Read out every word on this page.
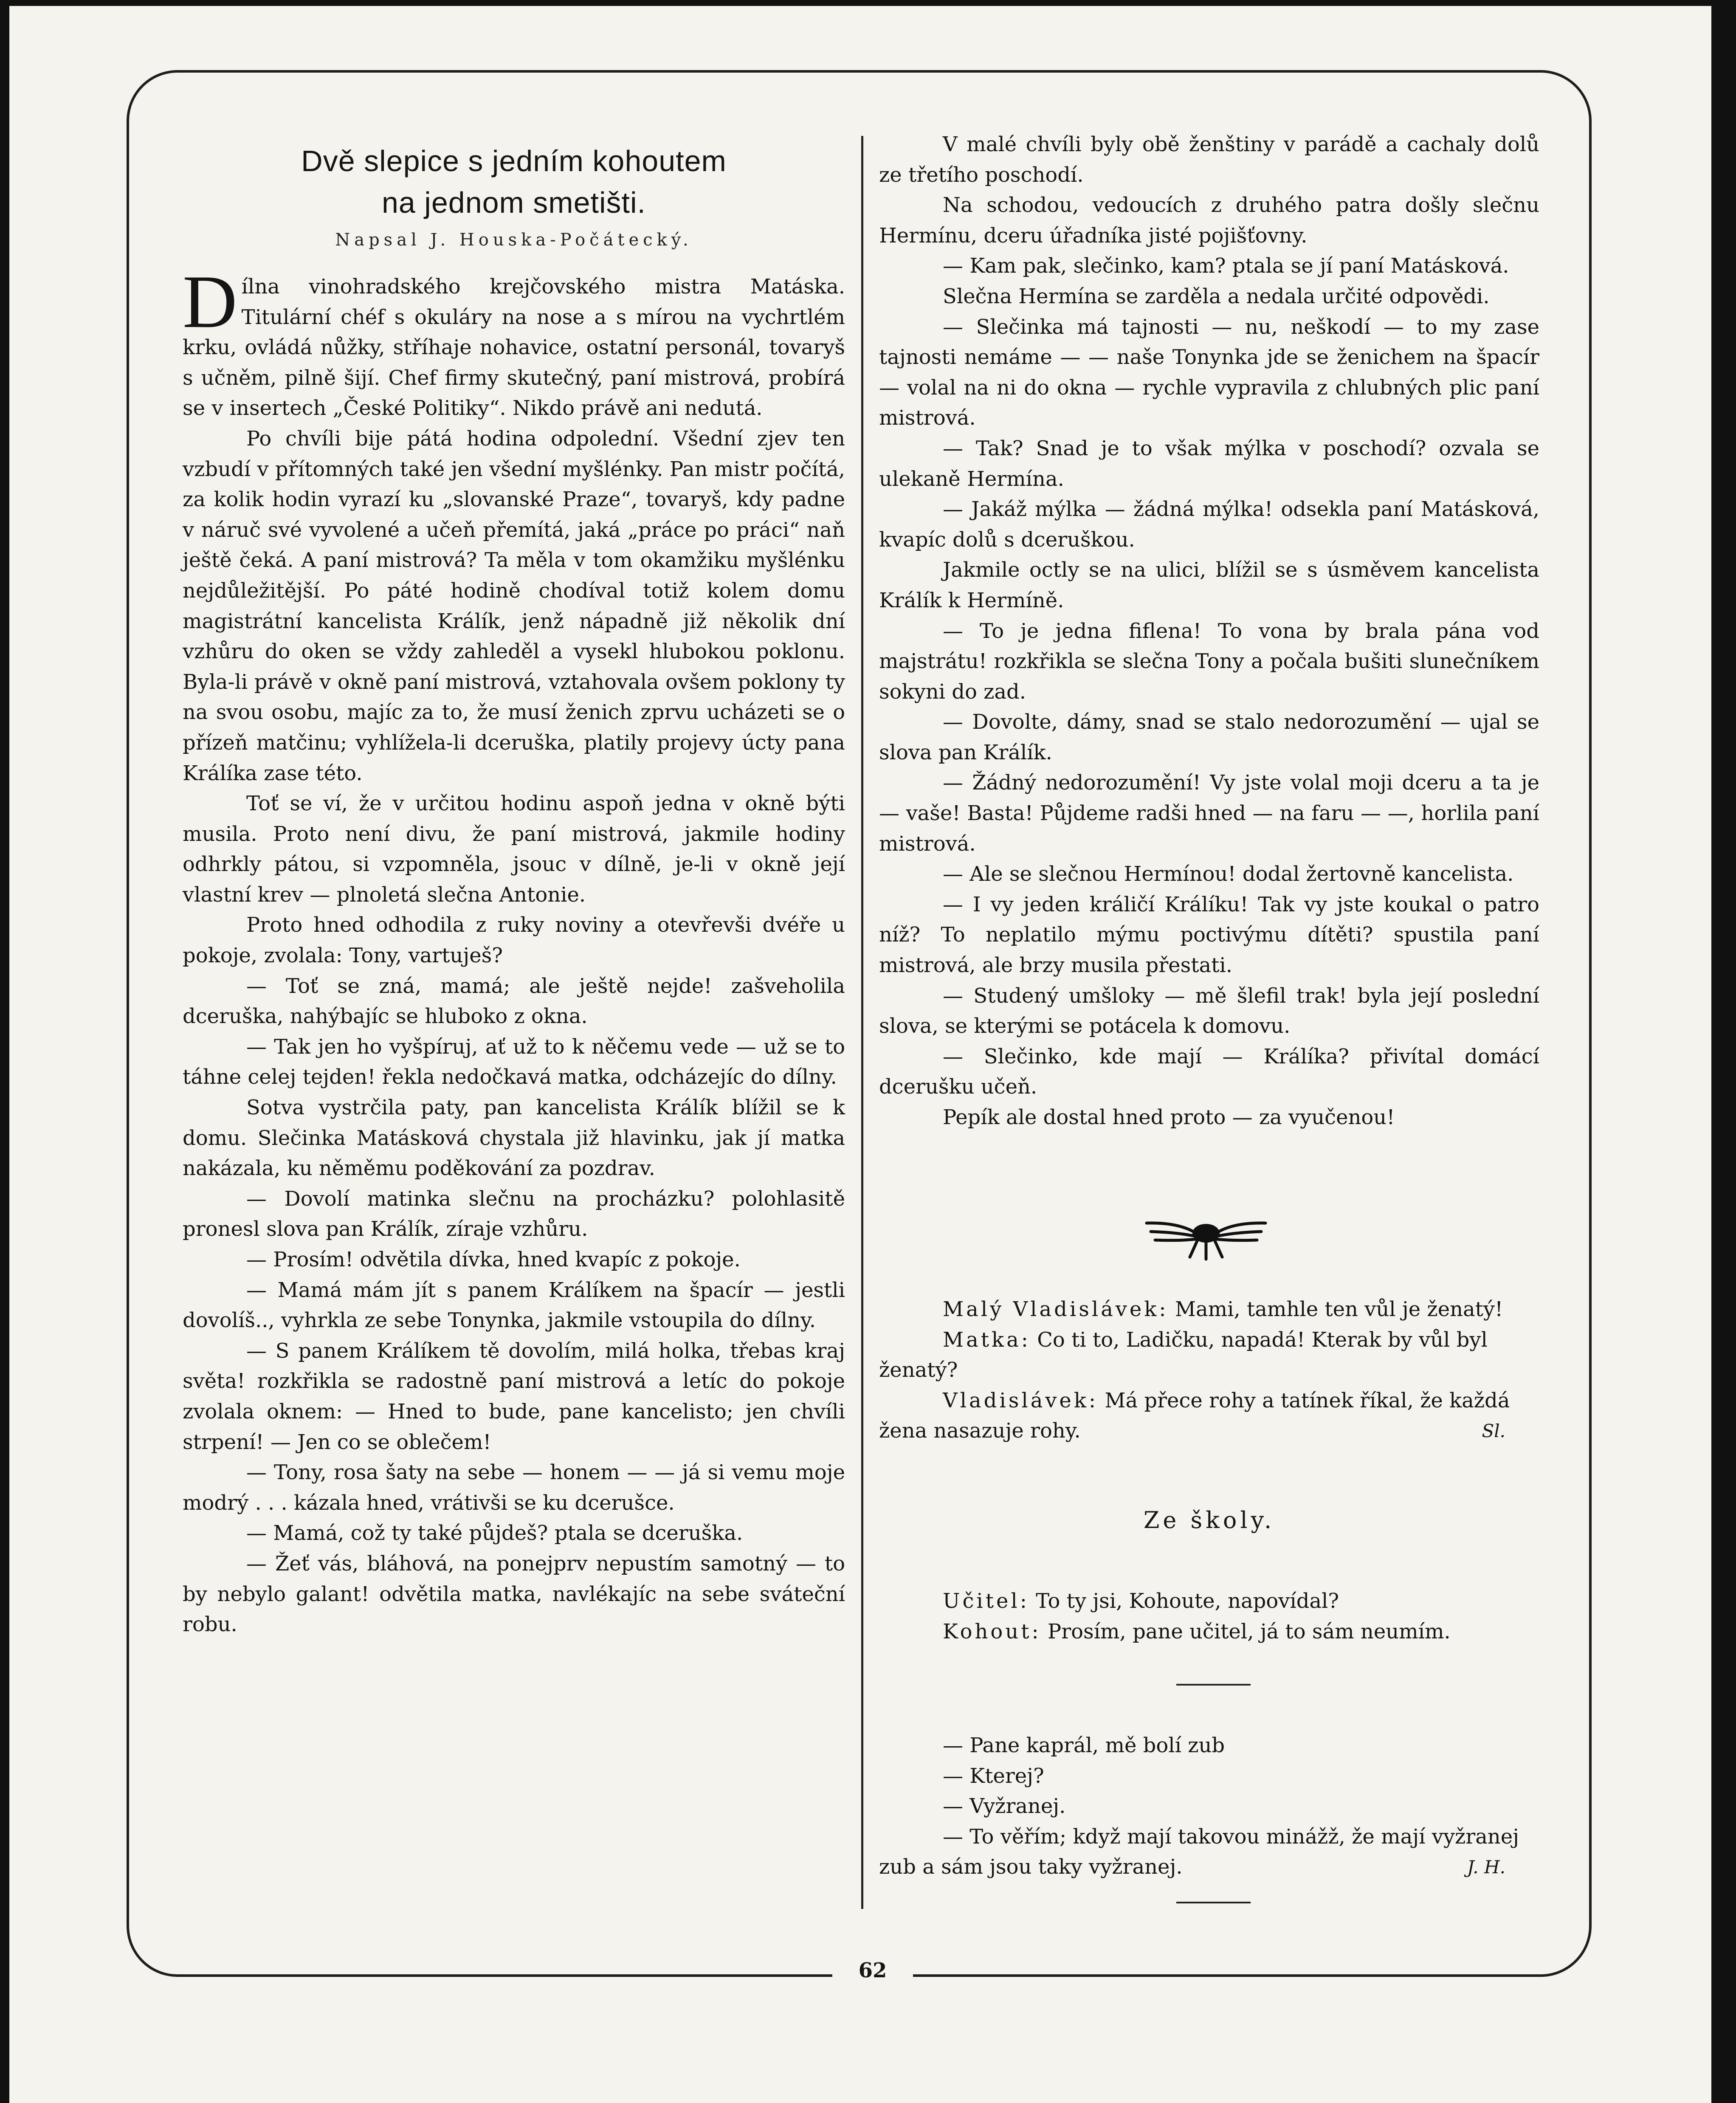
62

Dvě slepice s jedním kohoutem
na jednom smetišti.

Napsal J. Houska-Počátecký.

Dílna vinohradského krejčovského mistra Matáska. Titulární chéf s okuláry na nose a s mírou na vychrtlém krku, ovládá nůžky, stříhaje nohavice, ostatní personál, tovaryš s učněm, pilně šijí. Chef firmy skutečný, paní mistrová, probírá se v insertech „České Politiky“. Nikdo právě ani nedutá.

Po chvíli bije pátá hodina odpolední. Všední zjev ten vzbudí v přítomných také jen všední myšlénky. Pan mistr počítá, za kolik hodin vyrazí ku „slovanské Praze“, tovaryš, kdy padne v náruč své vyvolené a učeň přemítá, jaká „práce po práci“ naň ještě čeká. A paní mistrová? Ta měla v tom okamžiku myšlénku nejdůležitější. Po páté hodině chodíval totiž kolem domu magistrátní kancelista Králík, jenž nápadně již několik dní vzhůru do oken se vždy zahleděl a vysekl hlubokou poklonu. Byla-li právě v okně paní mistrová, vztahovala ovšem poklony ty na svou osobu, majíc za to, že musí ženich zprvu ucházeti se o přízeň matčinu; vyhlížela-li dceruška, platily projevy úcty pana Králíka zase této.

Toť se ví, že v určitou hodinu aspoň jedna v okně býti musila. Proto není divu, že paní mistrová, jakmile hodiny odhrkly pátou, si vzpomněla, jsouc v dílně, je-li v okně její vlastní krev — plnoletá slečna Antonie.

Proto hned odhodila z ruky noviny a otevřevši dvéře u pokoje, zvolala: Tony, vartuješ?

— Toť se zná, mamá; ale ještě nejde! zašveholila dceruška, nahýbajíc se hluboko z okna.

— Tak jen ho vyšpíruj, ať už to k něčemu vede — už se to táhne celej tejden! řekla nedočkavá matka, odcházejíc do dílny.

Sotva vystrčila paty, pan kancelista Králík blížil se k domu. Slečinka Matásková chystala již hlavinku, jak jí matka nakázala, ku něměmu poděkování za pozdrav.

— Dovolí matinka slečnu na procházku? polohlasitě pronesl slova pan Králík, zíraje vzhůru.

— Prosím! odvětila dívka, hned kvapíc z pokoje.

— Mamá mám jít s panem Králíkem na špacír — jestli dovolíš.., vyhrkla ze sebe Tonynka, jakmile vstoupila do dílny.

— S panem Králíkem tě dovolím, milá holka, třebas kraj světa! rozkřikla se radostně paní mistrová a letíc do pokoje zvolala oknem: — Hned to bude, pane kancelisto; jen chvíli strpení! — Jen co se oblečem!

— Tony, rosa šaty na sebe — honem — — já si vemu moje modrý . . . kázala hned, vrátivši se ku dcerušce.

— Mamá, což ty také půjdeš? ptala se dceruška.

— Žeť vás, bláhová, na ponejprv nepustím samotný — to by nebylo galant! odvětila matka, navlékajíc na sebe sváteční robu.

V malé chvíli byly obě ženštiny v parádě a cachaly dolů ze třetího poschodí.

Na schodou, vedoucích z druhého patra došly slečnu Hermínu, dceru úřadníka jisté pojišťovny.

— Kam pak, slečinko, kam? ptala se jí paní Matásková.

Slečna Hermína se zarděla a nedala určité odpovědi.

— Slečinka má tajnosti — nu, neškodí — to my zase tajnosti nemáme — — naše Tonynka jde se ženichem na špacír — volal na ni do okna — rychle vypravila z chlubných plic paní mistrová.

— Tak? Snad je to však mýlka v poschodí? ozvala se ulekaně Hermína.

— Jakáž mýlka — žádná mýlka! odsekla paní Matásková, kvapíc dolů s dceruškou.

Jakmile octly se na ulici, blížil se s úsměvem kancelista Králík k Hermíně.

— To je jedna fiflena! To vona by brala pána vod majstrátu! rozkřikla se slečna Tony a počala bušiti slunečníkem sokyni do zad.

— Dovolte, dámy, snad se stalo nedorozumění — ujal se slova pan Králík.

— Žádný nedorozumění! Vy jste volal moji dceru a ta je — vaše! Basta! Půjdeme radši hned — na faru — —, horlila paní mistrová.

— Ale se slečnou Hermínou! dodal žertovně kancelista.

— I vy jeden králičí Králíku! Tak vy jste koukal o patro níž? To neplatilo mýmu poctivýmu dítěti? spustila paní mistrová, ale brzy musila přestati.

— Studený umšloky — mě šlefil trak! byla její poslední slova, se kterými se potácela k domovu.

— Slečinko, kde mají — Králíka? přivítal domácí dcerušku učeň.

Pepík ale dostal hned proto — za vyučenou!

Malý Vladislávek: Mami, tamhle ten vůl je ženatý!

Matka: Co ti to, Ladičku, napadá! Kterak by vůl byl ženatý?

Vladislávek: Má přece rohy a tatínek říkal, že každá žena nasazuje rohy.	Sl.

Ze školy.

Učitel: To ty jsi, Kohoute, napovídal?

Kohout: Prosím, pane učitel, já to sám neumím.

— Pane kaprál, mě bolí zub

— Kterej?

— Vyžranej.

— To věřím; když mají takovou minážž, že mají vyžranej zub a sám jsou taky vyžranej.	J. H.
